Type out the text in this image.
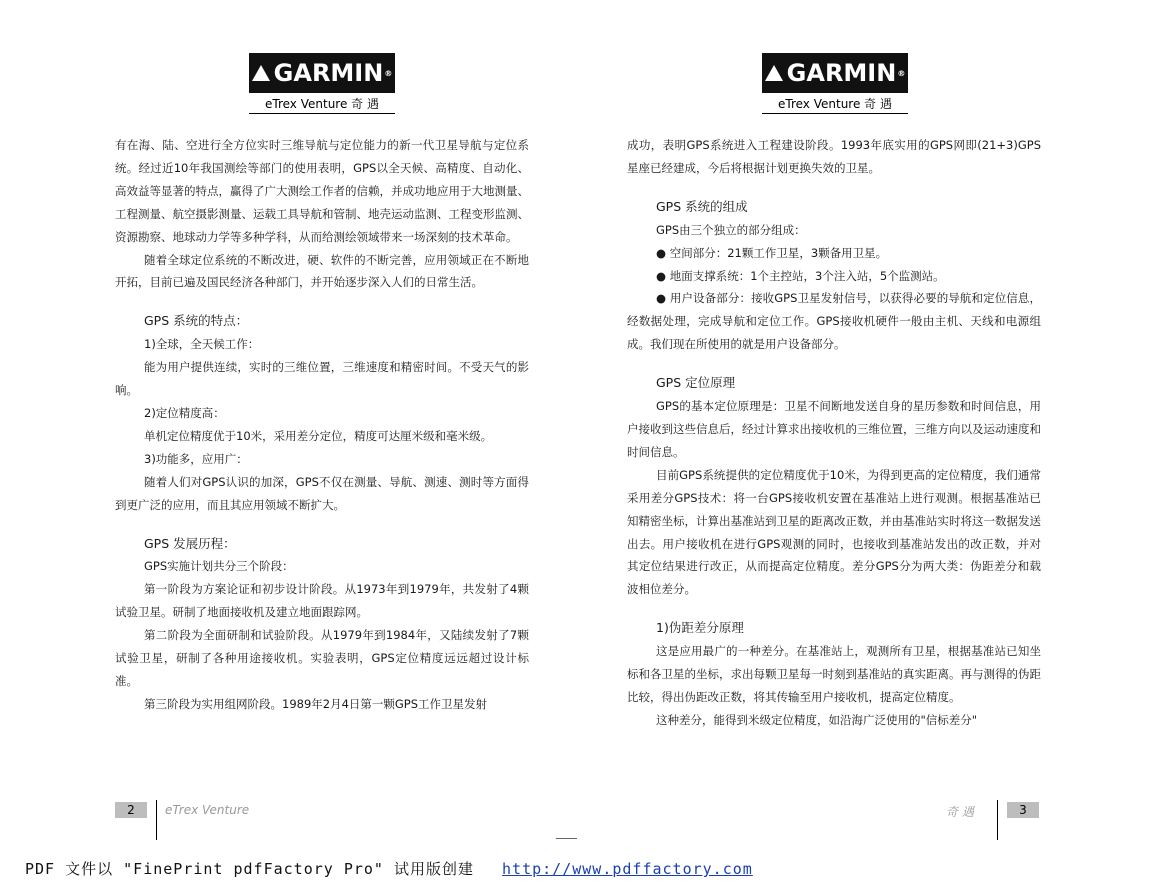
GARMIN ®
eTrex Venture 奇 遇

有在海、陆、空进行全方位实时三维导航与定位能力的新一代卫星导航与定位系统。经过近10年我国测绘等部门的使用表明，GPS以全天候、高精度、自动化、高效益等显著的特点，赢得了广大测绘工作者的信赖，并成功地应用于大地测量、工程测量、航空摄影测量、运载工具导航和管制、地壳运动监测、工程变形监测、资源勘察、地球动力学等多种学科，从而给测绘领域带来一场深刻的技术革命。

随着全球定位系统的不断改进，硬、软件的不断完善，应用领域正在不断地开拓，目前已遍及国民经济各种部门，并开始逐步深入人们的日常生活。

GPS 系统的特点：

1)全球，全天候工作：

能为用户提供连续，实时的三维位置，三维速度和精密时间。不受天气的影响。

2)定位精度高：

单机定位精度优于10米，采用差分定位，精度可达厘米级和毫米级。

3)功能多，应用广：

随着人们对GPS认识的加深，GPS不仅在测量、导航、测速、测时等方面得到更广泛的应用，而且其应用领域不断扩大。

GPS 发展历程：

GPS实施计划共分三个阶段：

第一阶段为方案论证和初步设计阶段。从1973年到1979年，共发射了4颗试验卫星。研制了地面接收机及建立地面跟踪网。

第二阶段为全面研制和试验阶段。从1979年到1984年，又陆续发射了7颗试验卫星，研制了各种用途接收机。实验表明，GPS定位精度远远超过设计标准。

第三阶段为实用组网阶段。1989年2月4日第一颗GPS工作卫星发射

2	eTrex Venture
GARMIN ®
eTrex Venture 奇 遇

成功，表明GPS系统进入工程建设阶段。1993年底实用的GPS网即(21+3)GPS星座已经建成，今后将根据计划更换失效的卫星。

GPS 系统的组成

GPS由三个独立的部分组成：

● 空间部分：21颗工作卫星，3颗备用卫星。

● 地面支撑系统：1个主控站，3个注入站，5个监测站。

● 用户设备部分：接收GPS卫星发射信号，以获得必要的导航和定位信息，经数据处理，完成导航和定位工作。GPS接收机硬件一般由主机、天线和电源组成。我们现在所使用的就是用户设备部分。

GPS 定位原理

GPS的基本定位原理是：卫星不间断地发送自身的星历参数和时间信息，用户接收到这些信息后，经过计算求出接收机的三维位置，三维方向以及运动速度和时间信息。

目前GPS系统提供的定位精度优于10米，为得到更高的定位精度，我们通常采用差分GPS技术：将一台GPS接收机安置在基准站上进行观测。根据基准站已知精密坐标，计算出基准站到卫星的距离改正数，并由基准站实时将这一数据发送出去。用户接收机在进行GPS观测的同时，也接收到基准站发出的改正数，并对其定位结果进行改正，从而提高定位精度。差分GPS分为两大类：伪距差分和载波相位差分。

1)伪距差分原理

这是应用最广的一种差分。在基准站上，观测所有卫星，根据基准站已知坐标和各卫星的坐标，求出每颗卫星每一时刻到基准站的真实距离。再与测得的伪距比较，得出伪距改正数，将其传输至用户接收机，提高定位精度。

这种差分，能得到米级定位精度，如沿海广泛使用的"信标差分"

奇 遇	3
PDF 文件以 "FinePrint pdfFactory Pro" 试用版创建 http://www.pdffactory.com
